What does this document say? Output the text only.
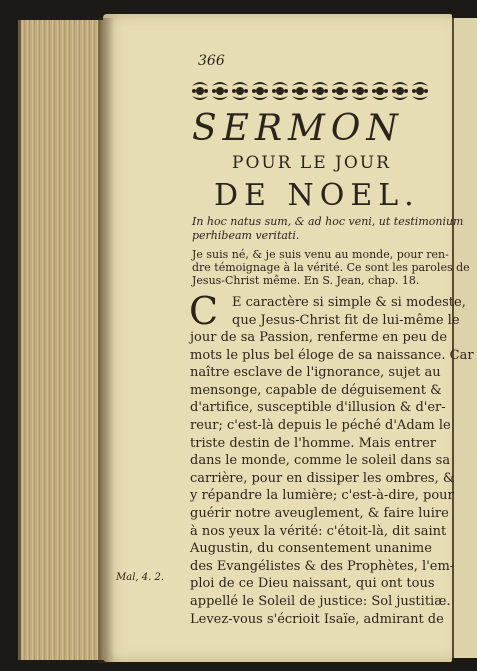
366
SERMON
POUR LE JOUR
DE NOEL.
In hoc natus sum, & ad hoc veni, ut testimonium
perhibeam veritati.
Je suis né, & je suis venu au monde, pour ren-
dre témoignage à la vérité. Ce sont les paroles de
Jesus-Christ même. En S. Jean, chap. 18.
C E caractère si simple & si modeste,
que Jesus-Christ fit de lui-même le
jour de sa Passion, renferme en peu de
mots le plus bel éloge de sa naissance. Car
naître esclave de l'ignorance, sujet au
mensonge, capable de déguisement &
d'artifice, susceptible d'illusion & d'er-
reur; c'est-là depuis le péché d'Adam le
triste destin de l'homme. Mais entrer
dans le monde, comme le soleil dans sa
carrière, pour en dissiper les ombres, &
y répandre la lumière; c'est-à-dire, pour
guérir notre aveuglement, & faire luire
à nos yeux la vérité: c'étoit-là, dit saint
Augustin, du consentement unanime
des Evangélistes & des Prophètes, l'em-
ploi de ce Dieu naissant, qui ont tous
appellé le Soleil de justice: Sol justitiæ.
Levez-vous s'écrioit Isaïe, admirant de
Mal, 4. 2.
